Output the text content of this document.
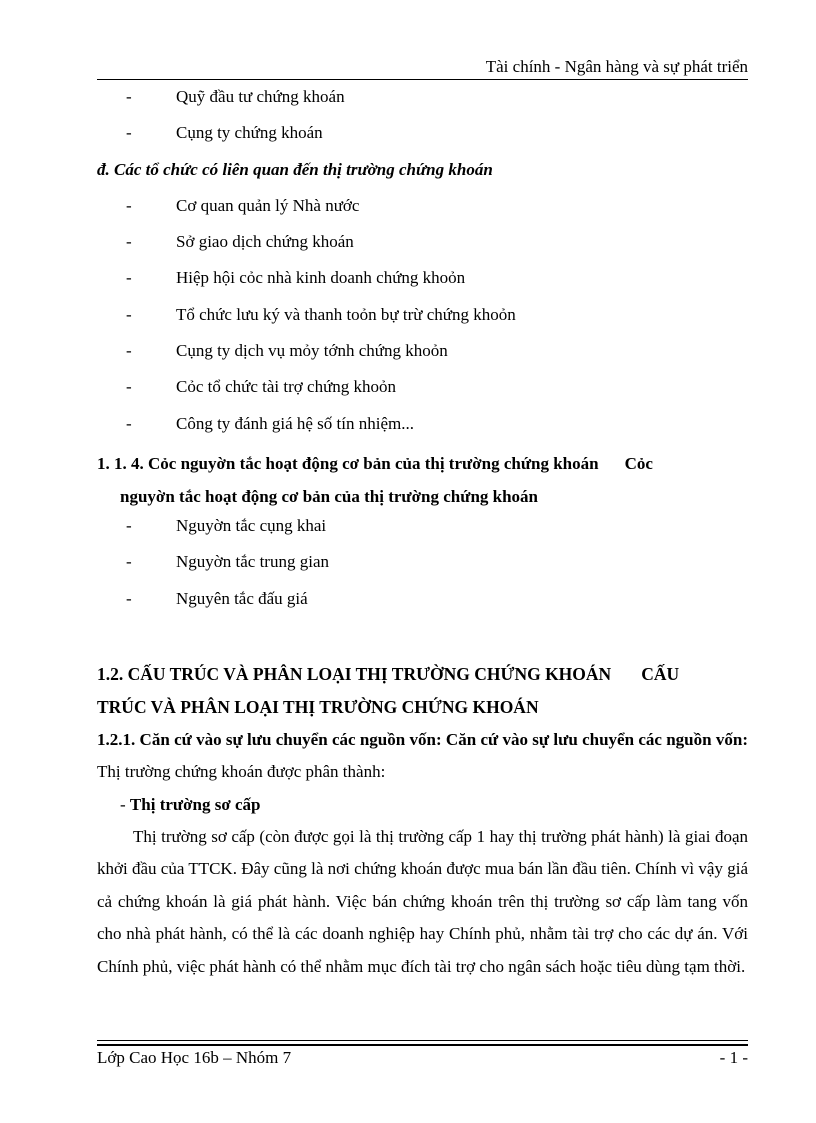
Tài chính - Ngân hàng và sự phát triển
-	Quỹ đầu tư chứng khoán
-	Cụng ty chứng khoán
đ. Các tổ chức có liên quan đến thị trường chứng khoán
-	Cơ quan quản lý Nhà nước
-	Sở giao dịch chứng khoán
-	Hiệp hội cỏc nhà kinh doanh chứng khoỏn
-	Tổ chức lưu ký và thanh toỏn bự trừ chứng khoỏn
-	Cụng ty dịch vụ mỏy tớnh chứng khoỏn
-	Cỏc tổ chức tài trợ chứng khoỏn
-	Công ty đánh giá hệ số tín nhiệm...
1. 1. 4. Cỏc nguyờn tắc hoạt động cơ bản của thị trường chứng khoán Cỏc
nguyờn tắc hoạt động cơ bản của thị trường chứng khoán
-	Nguyờn tắc cụng khai
-	Nguyờn tắc trung gian
-	Nguyên tắc đấu giá
1.2. CẤU TRÚC VÀ PHÂN LOẠI THỊ TRƯỜNG CHỨNG KHOÁN CẤU
TRÚC VÀ PHÂN LOẠI THỊ TRƯỜNG CHỨNG KHOÁN
1.2.1. Căn cứ vào sự lưu chuyển các nguồn vốn: Căn cứ vào sự lưu chuyển các nguồn vốn: Thị trường chứng khoán được phân thành:
- Thị trường sơ cấp
Thị trường sơ cấp (còn được gọi là thị trường cấp 1 hay thị trường phát hành) là giai đoạn khởi đầu của TTCK. Đây cũng là nơi chứng khoán được mua bán lần đầu tiên. Chính vì vậy giá cả chứng khoán là giá phát hành. Việc bán chứng khoán trên thị trường sơ cấp làm tang vốn cho nhà phát hành, có thể là các doanh nghiệp hay Chính phủ, nhằm tài trợ cho các dự án. Với Chính phủ, việc phát hành có thể nhằm mục đích tài trợ cho ngân sách hoặc tiêu dùng tạm thời.
Lớp Cao Học 16b – Nhóm 7	- 1 -
